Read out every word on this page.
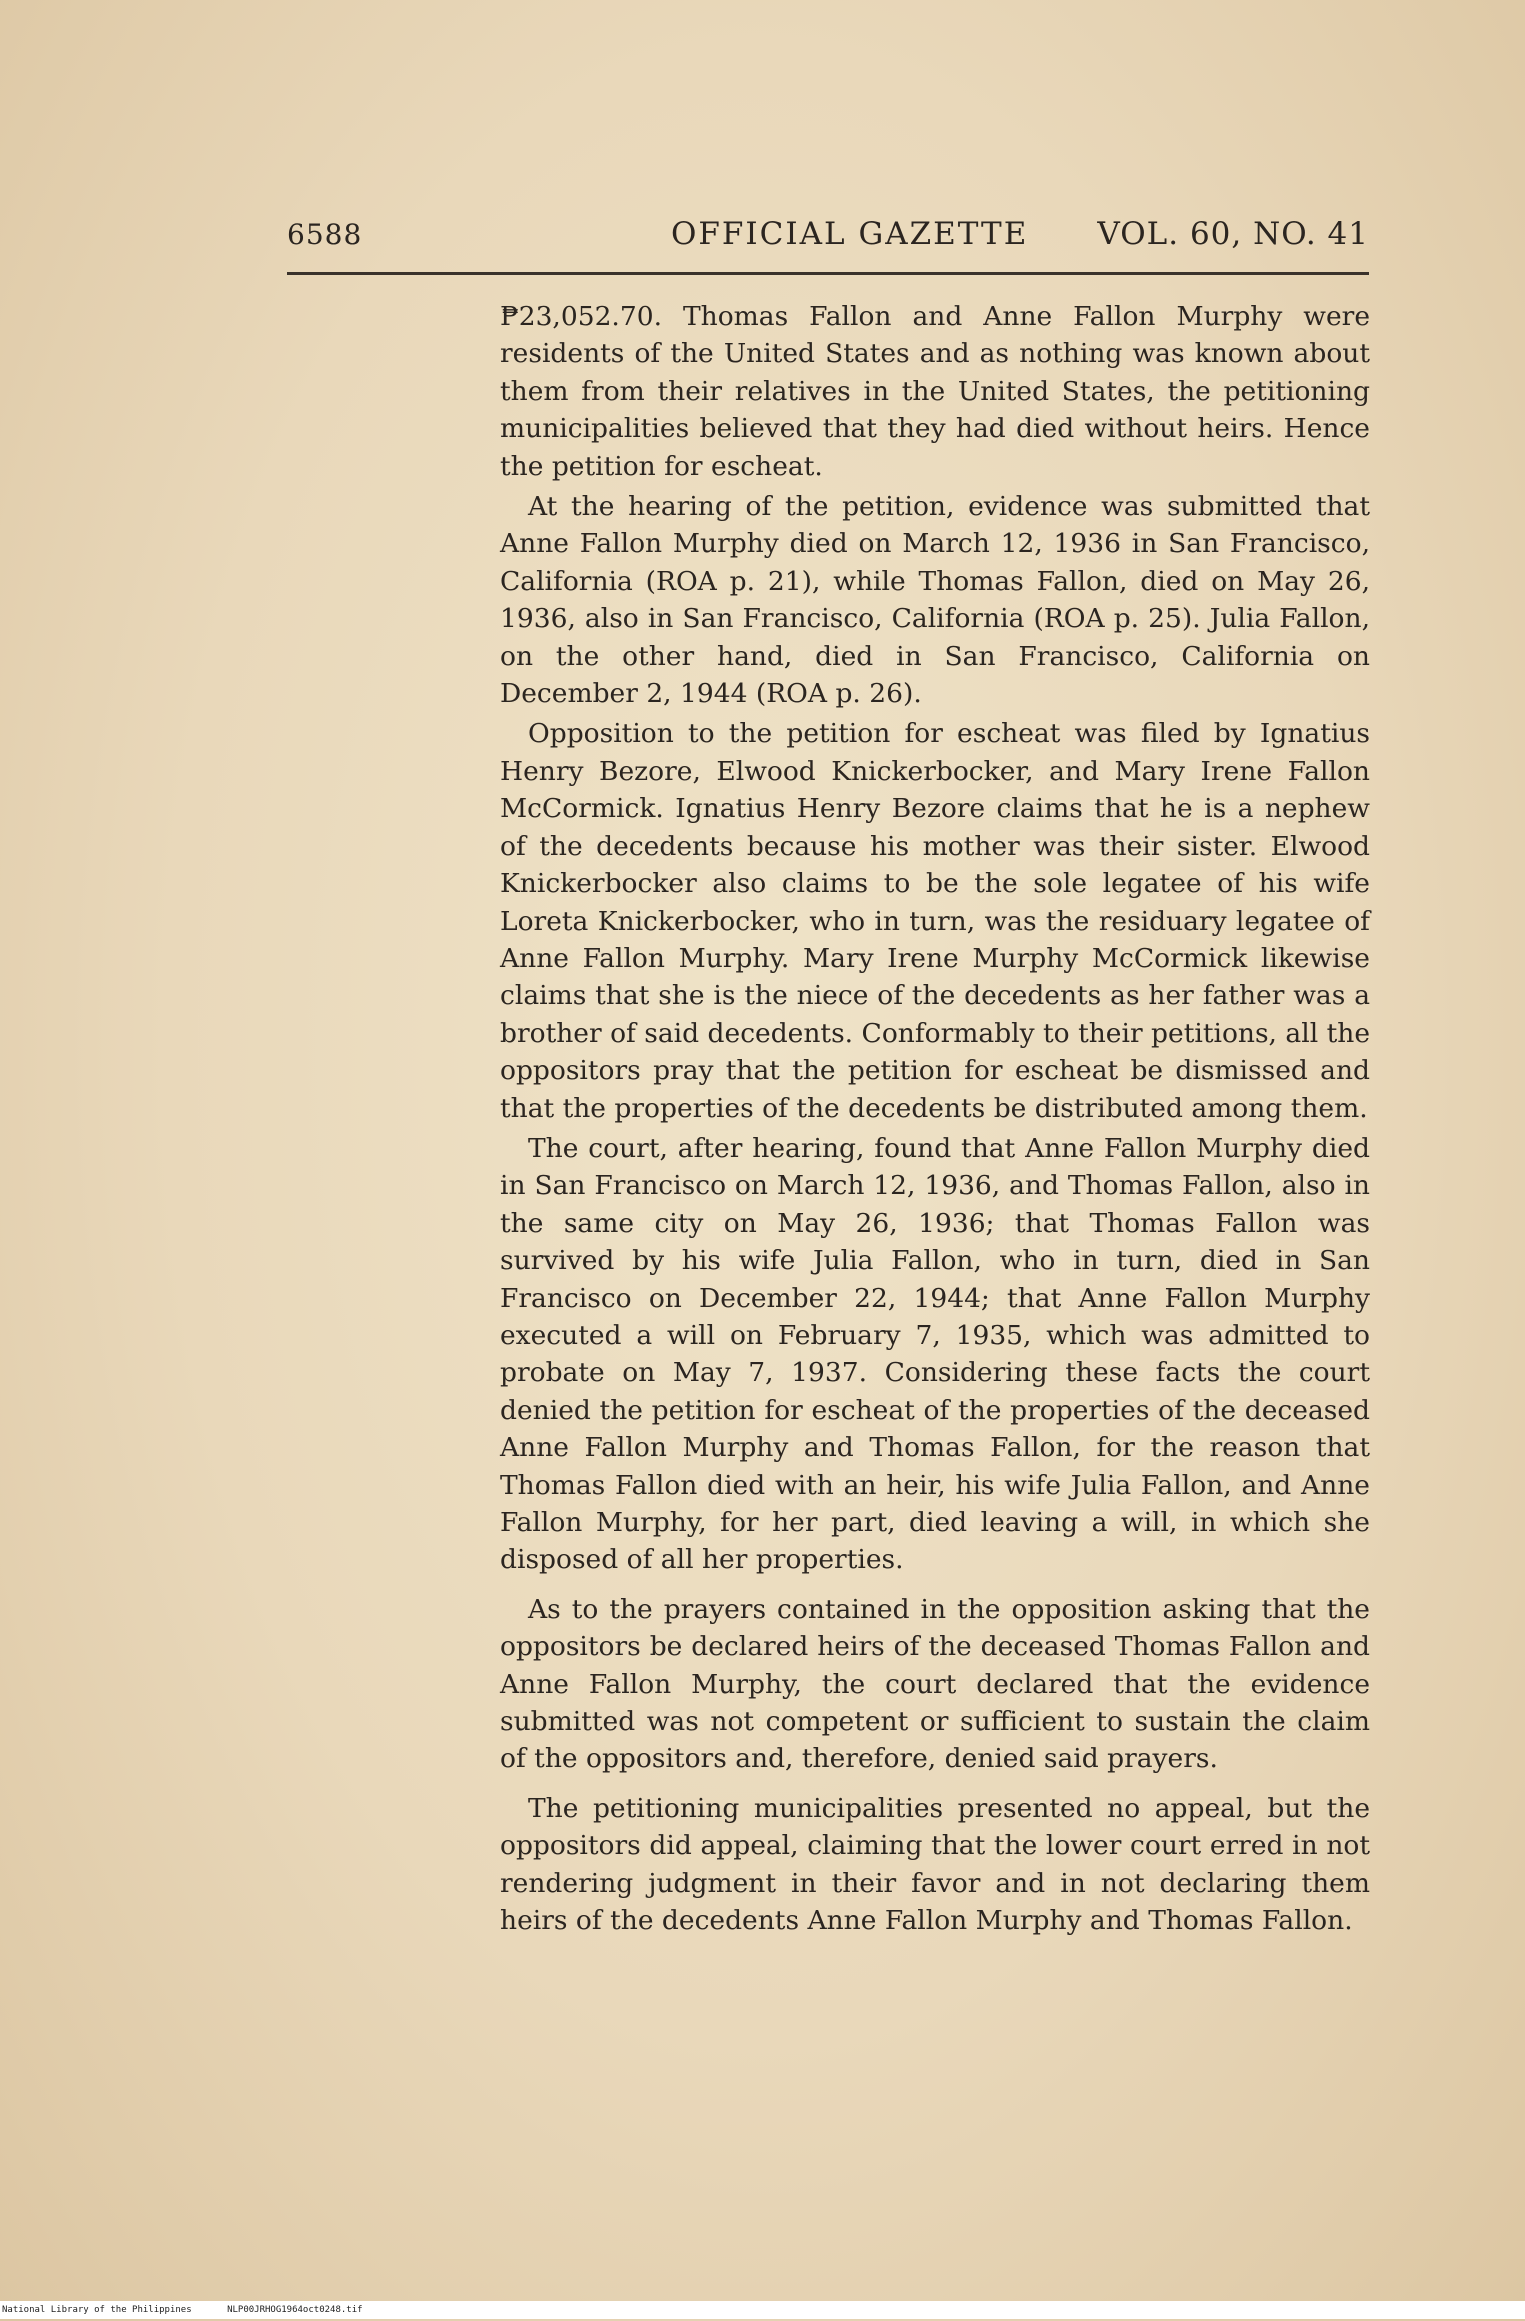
6588	OFFICIAL GAZETTE VOL. 60, NO. 41

₱23,052.70. Thomas Fallon and Anne Fallon Murphy were residents of the United States and as nothing was known about them from their relatives in the United States, the petitioning municipalities believed that they had died without heirs. Hence the petition for escheat.

At the hearing of the petition, evidence was submitted that Anne Fallon Murphy died on March 12, 1936 in San Francisco, California (ROA p. 21), while Thomas Fallon, died on May 26, 1936, also in San Francisco, California (ROA p. 25). Julia Fallon, on the other hand, died in San Francisco, California on December 2, 1944 (ROA p. 26).

Opposition to the petition for escheat was filed by Ignatius Henry Bezore, Elwood Knickerbocker, and Mary Irene Fallon McCormick. Ignatius Henry Bezore claims that he is a nephew of the decedents because his mother was their sister. Elwood Knickerbocker also claims to be the sole legatee of his wife Loreta Knickerbocker, who in turn, was the residuary legatee of Anne Fallon Murphy. Mary Irene Murphy McCormick likewise claims that she is the niece of the decedents as her father was a brother of said decedents. Conformably to their petitions, all the oppositors pray that the petition for escheat be dismissed and that the properties of the decedents be distributed among them.

The court, after hearing, found that Anne Fallon Murphy died in San Francisco on March 12, 1936, and Thomas Fallon, also in the same city on May 26, 1936; that Thomas Fallon was survived by his wife Julia Fallon, who in turn, died in San Francisco on December 22, 1944; that Anne Fallon Murphy executed a will on February 7, 1935, which was admitted to probate on May 7, 1937. Considering these facts the court denied the petition for escheat of the properties of the deceased Anne Fallon Murphy and Thomas Fallon, for the reason that Thomas Fallon died with an heir, his wife Julia Fallon, and Anne Fallon Murphy, for her part, died leaving a will, in which she disposed of all her properties.

As to the prayers contained in the opposition asking that the oppositors be declared heirs of the deceased Thomas Fallon and Anne Fallon Murphy, the court declared that the evidence submitted was not competent or sufficient to sustain the claim of the oppositors and, therefore, denied said prayers.

The petitioning municipalities presented no appeal, but the oppositors did appeal, claiming that the lower court erred in not rendering judgment in their favor and in not declaring them heirs of the decedents Anne Fallon Murphy and Thomas Fallon.

National Library of the Philippines	NLP00JRHOG1964oct0248.tif
